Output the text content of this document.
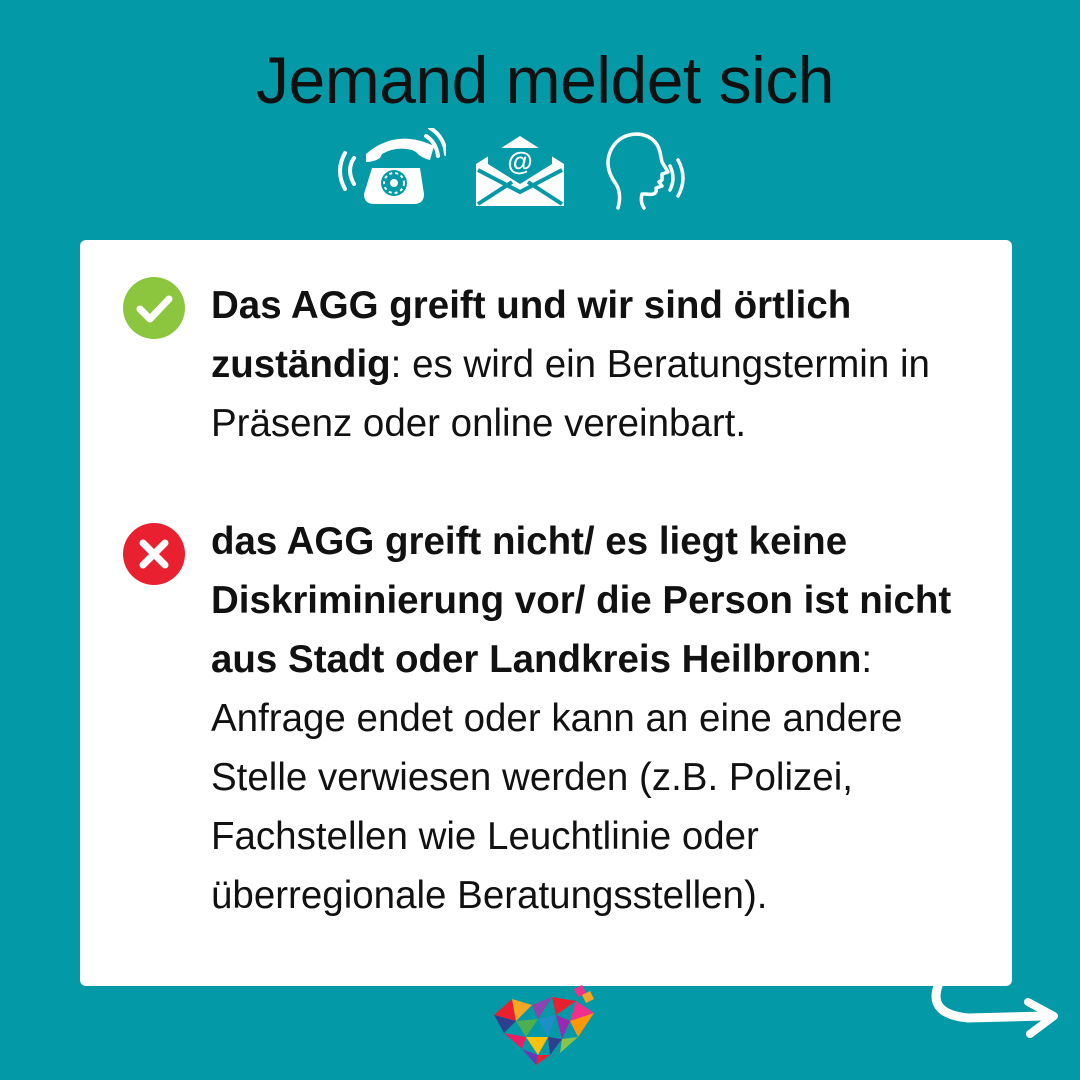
Jemand meldet sich
@

Das AGG greift und wir sind örtlich zuständig: es wird ein Beratungstermin in Präsenz oder online vereinbart.

das AGG greift nicht/ es liegt keine Diskriminierung vor/ die Person ist nicht aus Stadt oder Landkreis Heilbronn: Anfrage endet oder kann an eine andere Stelle verwiesen werden (z.B. Polizei, Fachstellen wie Leuchtlinie oder überregionale Beratungsstellen).
